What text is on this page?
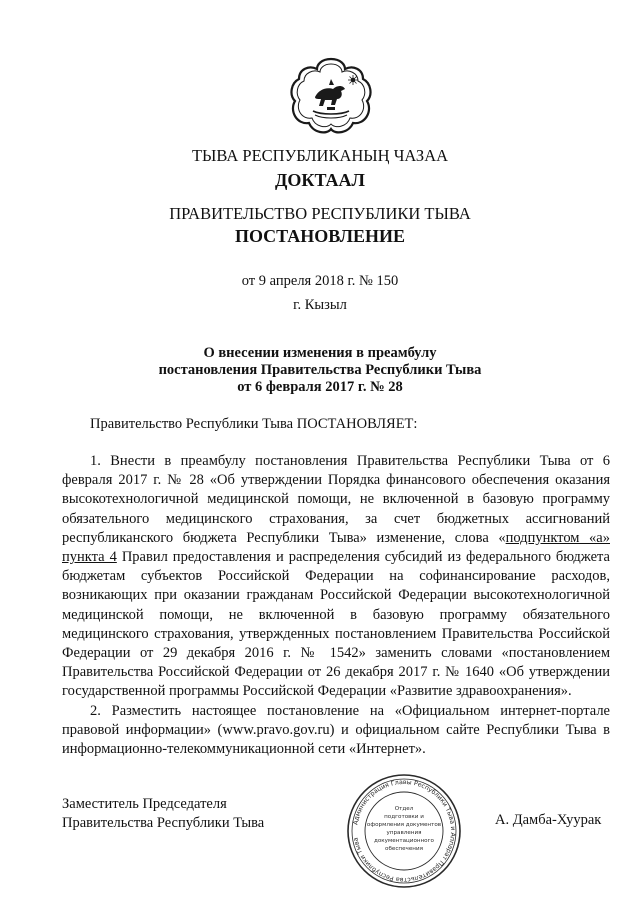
ТЫВА РЕСПУБЛИКАНЫҢ ЧАЗАА
ДОКТААЛ
ПРАВИТЕЛЬСТВО РЕСПУБЛИКИ ТЫВА
ПОСТАНОВЛЕНИЕ
от 9 апреля 2018 г. № 150
г. Кызыл
О внесении изменения в преамбулу
постановления Правительства Республики Тыва
от 6 февраля 2017 г. № 28
Правительство Республики Тыва ПОСТАНОВЛЯЕТ:

1. Внести в преамбулу постановления Правительства Республики Тыва от 6 февраля 2017 г. № 28 «Об утверждении Порядка финансового обеспечения оказания высокотехнологичной медицинской помощи, не включенной в базовую программу обязательного медицинского страхования, за счет бюджетных ассигнований республиканского бюджета Республики Тыва» изменение, слова «подпунктом «а» пункта 4 Правил предоставления и распределения субсидий из федерального бюджета бюджетам субъектов Российской Федерации на софинансирование расходов, возникающих при оказании гражданам Российской Федерации высокотехнологичной медицинской помощи, не включенной в базовую программу обязательного медицинского страхования, утвержденных постановлением Правительства Российской Федерации от 29 декабря 2016 г. № 1542» заменить словами «постановлением Правительства Российской Федерации от 26 декабря 2017 г. № 1640 «Об утверждении государственной программы Российской Федерации «Развитие здравоохранения».

2. Разместить настоящее постановление на «Официальном интернет-портале правовой информации» (www.pravo.gov.ru) и официальном сайте Республики Тыва в информационно-телекоммуникационной сети «Интернет».

Заместитель Председателя
Правительства Республики Тыва	Администрация Главы Республики Тыва и Аппарат Правительства Республики Тыва
Отдел
подготовки и
оформления документов
управления
документационного
обеспечения
А. Дамба-Хуурак
